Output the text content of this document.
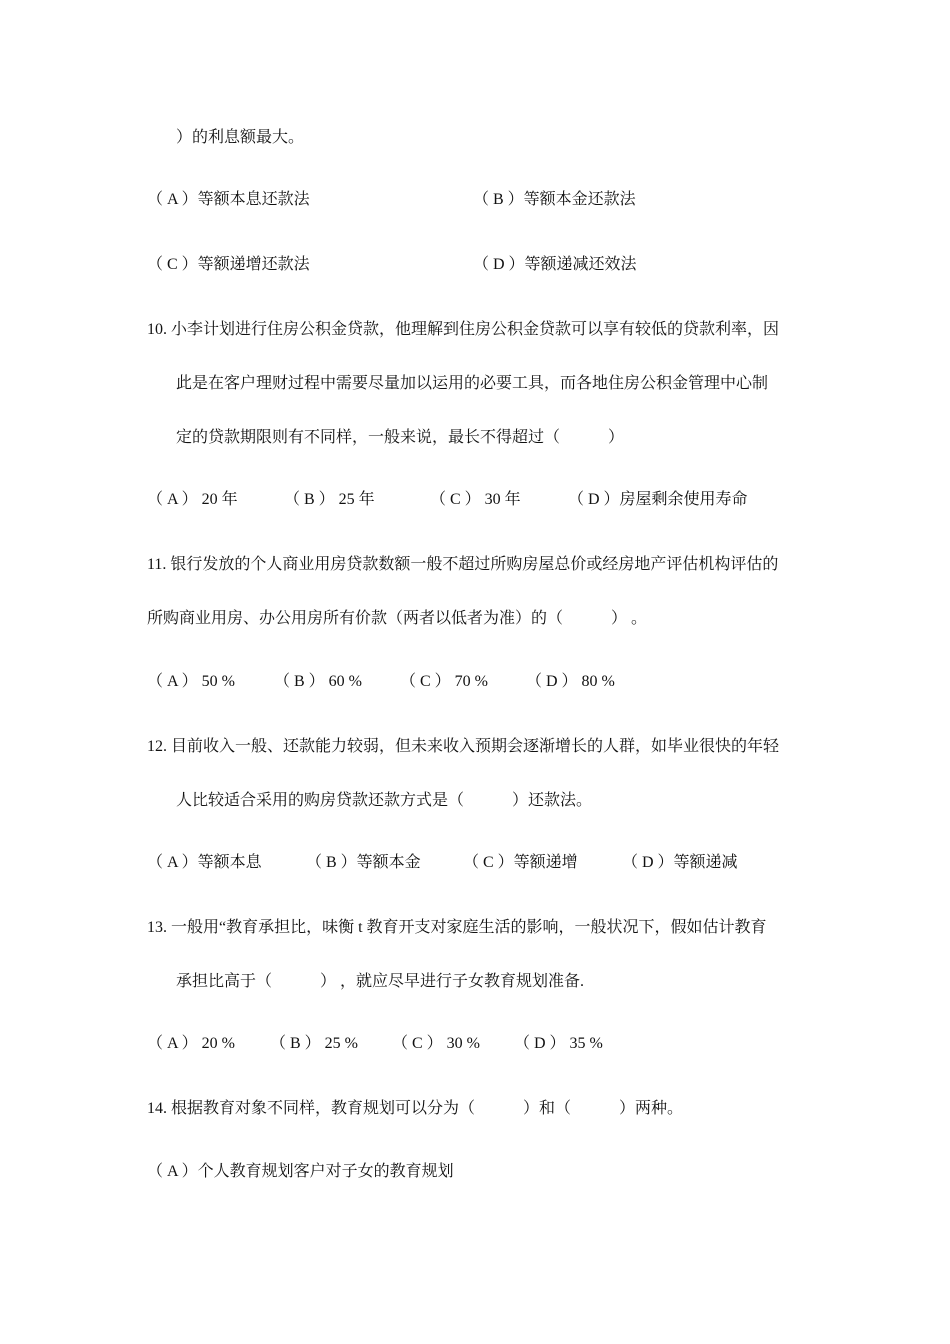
）的利息额最大。
（ A ）等额本息还款法	（ B ）等额本金还款法
（ C ）等额递增还款法	（ D ）等额递减还效法
10. 小李计划进行住房公积金贷款，他理解到住房公积金贷款可以享有较低的贷款利率，因
此是在客户理财过程中需要尽量加以运用的必要工具，而各地住房公积金管理中心制
定的贷款期限则有不同样，一般来说，最长不得超过（　　　）
（ A ） 20 年	（ B ） 25 年	（ C ） 30 年	（ D ）房屋剩余使用寿命
11. 银行发放的个人商业用房贷款数额一般不超过所购房屋总价或经房地产评估机构评估的
所购商业用房、办公用房所有价款（两者以低者为准）的（　　　） 。
（ A ） 50 % （ B ） 60 % （ C ） 70 % （ D ） 80 %
12. 目前收入一般、还款能力较弱，但未来收入预期会逐渐增长的人群，如毕业很快的年轻
人比较适合采用的购房贷款还款方式是（　　　）还款法。
（ A ）等额本息	（ B ）等额本金	（ C ）等额递增	（ D ）等额递减
13. 一般用“教育承担比，味衡 t 教育开支对家庭生活的影响，一般状况下，假如估计教育
承担比高于（　　　） ，就应尽早进行子女教育规划准备.
（ A ） 20 % （ B ） 25 % （ C ） 30 % （ D ） 35 %
14. 根据教育对象不同样，教育规划可以分为（　　　）和（　　　）两种。
（ A ）个人教育规划客户对子女的教育规划
